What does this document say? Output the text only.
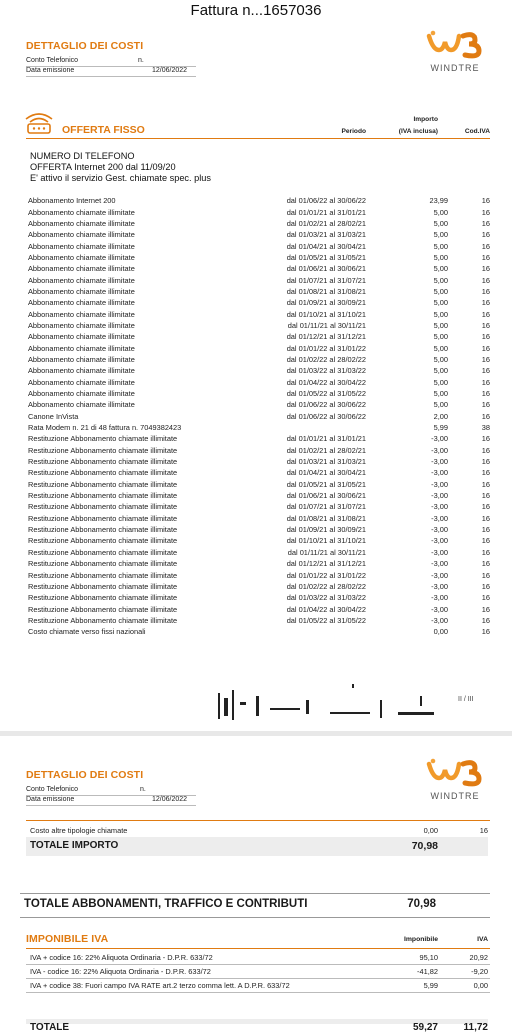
Fattura n...1657036
DETTAGLIO DEI COSTI
Conto Telefonico	n.
Data emissione	12/06/2022	WINDTRE
Periodo
Importo
(IVA inclusa)	Cod.IVA
OFFERTA FISSO
NUMERO DI TELEFONO
OFFERTA Internet 200 dal 11/09/20
E' attivo il servizio Gest. chiamate spec. plus
Abbonamento Internet 200	dal 01/06/22 al 30/06/22	23,99	16
Abbonamento chiamate illimitate	dal 01/01/21 al 31/01/21	5,00	16
Abbonamento chiamate illimitate	dal 01/02/21 al 28/02/21	5,00	16
Abbonamento chiamate illimitate	dal 01/03/21 al 31/03/21	5,00	16
Abbonamento chiamate illimitate	dal 01/04/21 al 30/04/21	5,00	16
Abbonamento chiamate illimitate	dal 01/05/21 al 31/05/21	5,00	16
Abbonamento chiamate illimitate	dal 01/06/21 al 30/06/21	5,00	16
Abbonamento chiamate illimitate	dal 01/07/21 al 31/07/21	5,00	16
Abbonamento chiamate illimitate	dal 01/08/21 al 31/08/21	5,00	16
Abbonamento chiamate illimitate	dal 01/09/21 al 30/09/21	5,00	16
Abbonamento chiamate illimitate	dal 01/10/21 al 31/10/21	5,00	16
Abbonamento chiamate illimitate	dal 01/11/21 al 30/11/21	5,00	16
Abbonamento chiamate illimitate	dal 01/12/21 al 31/12/21	5,00	16
Abbonamento chiamate illimitate	dal 01/01/22 al 31/01/22	5,00	16
Abbonamento chiamate illimitate	dal 01/02/22 al 28/02/22	5,00	16
Abbonamento chiamate illimitate	dal 01/03/22 al 31/03/22	5,00	16
Abbonamento chiamate illimitate	dal 01/04/22 al 30/04/22	5,00	16
Abbonamento chiamate illimitate	dal 01/05/22 al 31/05/22	5,00	16
Abbonamento chiamate illimitate	dal 01/06/22 al 30/06/22	5,00	16
Canone InVista	dal 01/06/22 al 30/06/22	2,00	16
Rata Modem n. 21 di 48 fattura n. 7049382423		5,99	38
Restituzione Abbonamento chiamate illimitate	dal 01/01/21 al 31/01/21	-3,00	16
Restituzione Abbonamento chiamate illimitate	dal 01/02/21 al 28/02/21	-3,00	16
Restituzione Abbonamento chiamate illimitate	dal 01/03/21 al 31/03/21	-3,00	16
Restituzione Abbonamento chiamate illimitate	dal 01/04/21 al 30/04/21	-3,00	16
Restituzione Abbonamento chiamate illimitate	dal 01/05/21 al 31/05/21	-3,00	16
Restituzione Abbonamento chiamate illimitate	dal 01/06/21 al 30/06/21	-3,00	16
Restituzione Abbonamento chiamate illimitate	dal 01/07/21 al 31/07/21	-3,00	16
Restituzione Abbonamento chiamate illimitate	dal 01/08/21 al 31/08/21	-3,00	16
Restituzione Abbonamento chiamate illimitate	dal 01/09/21 al 30/09/21	-3,00	16
Restituzione Abbonamento chiamate illimitate	dal 01/10/21 al 31/10/21	-3,00	16
Restituzione Abbonamento chiamate illimitate	dal 01/11/21 al 30/11/21	-3,00	16
Restituzione Abbonamento chiamate illimitate	dal 01/12/21 al 31/12/21	-3,00	16
Restituzione Abbonamento chiamate illimitate	dal 01/01/22 al 31/01/22	-3,00	16
Restituzione Abbonamento chiamate illimitate	dal 01/02/22 al 28/02/22	-3,00	16
Restituzione Abbonamento chiamate illimitate	dal 01/03/22 al 31/03/22	-3,00	16
Restituzione Abbonamento chiamate illimitate	dal 01/04/22 al 30/04/22	-3,00	16
Restituzione Abbonamento chiamate illimitate	dal 01/05/22 al 31/05/22	-3,00	16
Costo chiamate verso fissi nazionali		0,00	16
II / III
DETTAGLIO DEI COSTI
Conto Telefonico	n.
Data emissione	12/06/2022	WINDTRE
Costo altre tipologie chiamate	0,00	16
TOTALE IMPORTO	70,98
TOTALE ABBONAMENTI, TRAFFICO E CONTRIBUTI	70,98
IMPONIBILE IVA	Imponibile	IVA
IVA + codice 16: 22% Aliquota Ordinaria - D.P.R. 633/72	95,10	20,92
IVA - codice 16: 22% Aliquota Ordinaria - D.P.R. 633/72	-41,82	-9,20
IVA + codice 38: Fuori campo IVA RATE art.2 terzo comma lett. A D.P.R. 633/72	5,99	0,00
TOTALE	59,27	11,72
